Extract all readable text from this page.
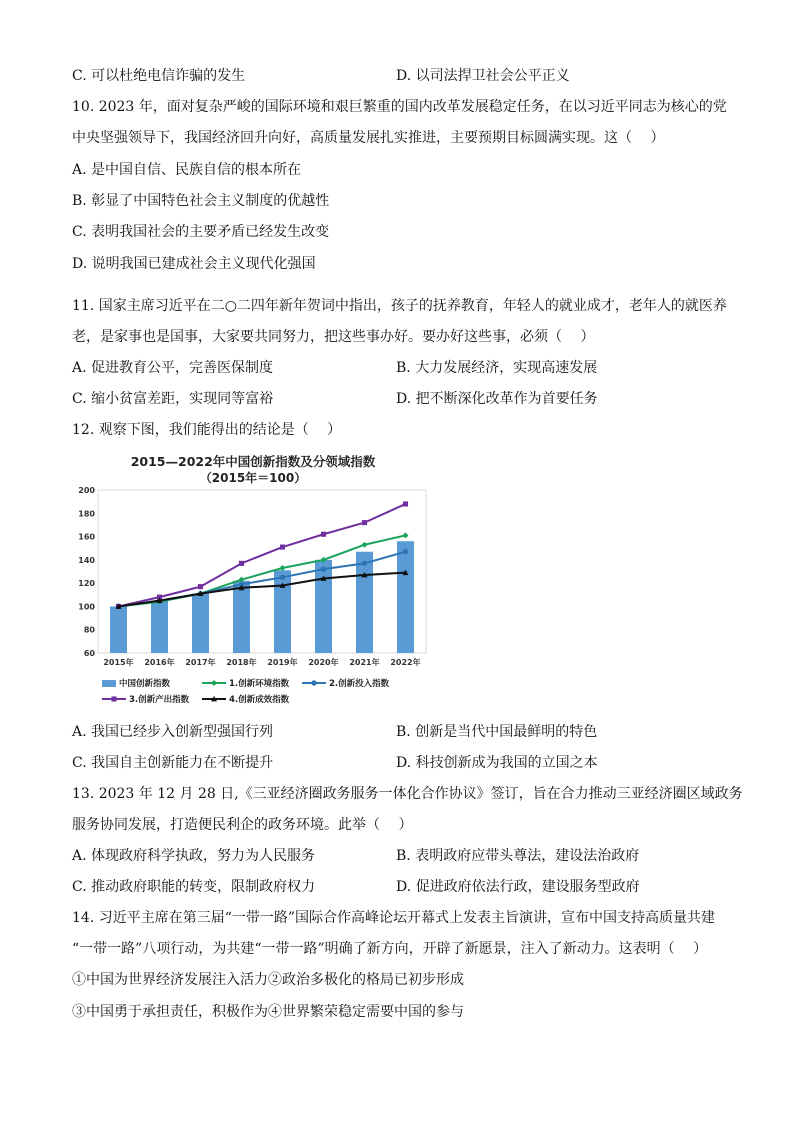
C. 可以杜绝电信诈骗的发生	D. 以司法捍卫社会公平正义
10. 2023 年，面对复杂严峻的国际环境和艰巨繁重的国内改革发展稳定任务，在以习近平同志为核心的党
中央坚强领导下，我国经济回升向好，高质量发展扎实推进，主要预期目标圆满实现。这（　 ）
A. 是中国自信、民族自信的根本所在
B. 彰显了中国特色社会主义制度的优越性
C. 表明我国社会的主要矛盾已经发生改变
D. 说明我国已建成社会主义现代化强国
11. 国家主席习近平在二○二四年新年贺词中指出，孩子的抚养教育，年轻人的就业成才，老年人的就医养
老，是家事也是国事，大家要共同努力，把这些事办好。要办好这些事，必须（　 ）
A. 促进教育公平，完善医保制度	B. 大力发展经济，实现高速发展
C. 缩小贫富差距，实现同等富裕	D. 把不断深化改革作为首要任务
12. 观察下图，我们能得出的结论是（　 ）
2015—2022年中国创新指数及分领域指数
（2015年＝100）
60
80
100
120
140
160
180
200
2015年 2016年 2017年 2018年 2019年 2020年 2021年 2022年
中国创新指数	1.创新环境指数	2.创新投入指数
3.创新产出指数	4.创新成效指数
A. 我国已经步入创新型强国行列	B. 创新是当代中国最鲜明的特色
C. 我国自主创新能力在不断提升	D. 科技创新成为我国的立国之本
13. 2023 年 12 月 28 日,《三亚经济圈政务服务一体化合作协议》签订，旨在合力推动三亚经济圈区域政务
服务协同发展，打造便民利企的政务环境。此举（　 ）
A. 体现政府科学执政，努力为人民服务	B. 表明政府应带头尊法，建设法治政府
C. 推动政府职能的转变，限制政府权力	D. 促进政府依法行政，建设服务型政府
14. 习近平主席在第三届“一带一路”国际合作高峰论坛开幕式上发表主旨演讲，宣布中国支持高质量共建
“一带一路”八项行动，为共建“一带一路”明确了新方向，开辟了新愿景，注入了新动力。这表明（　 ）
①中国为世界经济发展注入活力②政治多极化的格局已初步形成
③中国勇于承担责任，积极作为④世界繁荣稳定需要中国的参与
